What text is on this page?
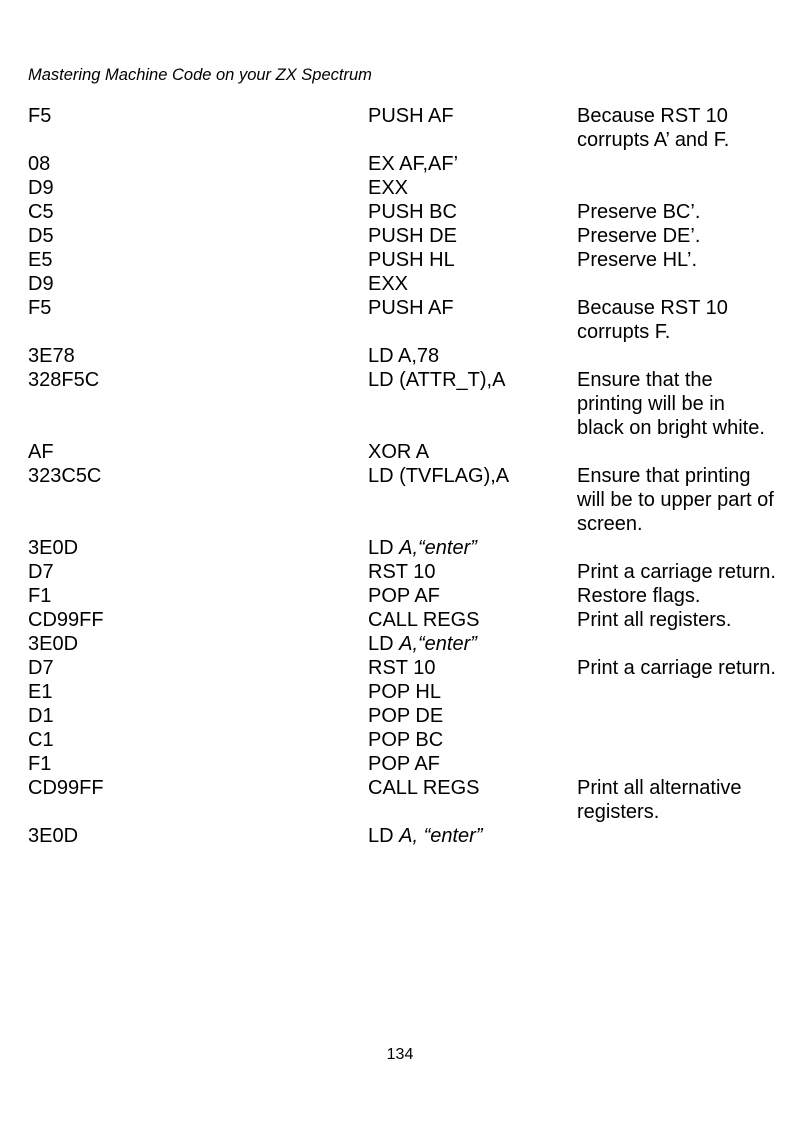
Mastering Machine Code on your ZX Spectrum
F5	PUSH AF	Because RST 10 corrupts A’ and F.
08	EX AF,AF’
D9	EXX
C5	PUSH BC	Preserve BC’.
D5	PUSH DE	Preserve DE’.
E5	PUSH HL	Preserve HL’.
D9	EXX
F5	PUSH AF	Because RST 10 corrupts F.
3E78	LD A,78
328F5C	LD (ATTR_T),A	Ensure that the printing will be in black on bright white.
AF	XOR A
323C5C	LD (TVFLAG),A	Ensure that printing will be to upper part of screen.
3E0D	LD A,“enter”
D7	RST 10	Print a carriage return.
F1	POP AF	Restore flags.
CD99FF	CALL REGS	Print all registers.
3E0D	LD A,“enter”
D7	RST 10	Print a carriage return.
E1	POP HL
D1	POP DE
C1	POP BC
F1	POP AF
CD99FF	CALL REGS	Print all alternative registers.
3E0D	LD A, “enter”
134
